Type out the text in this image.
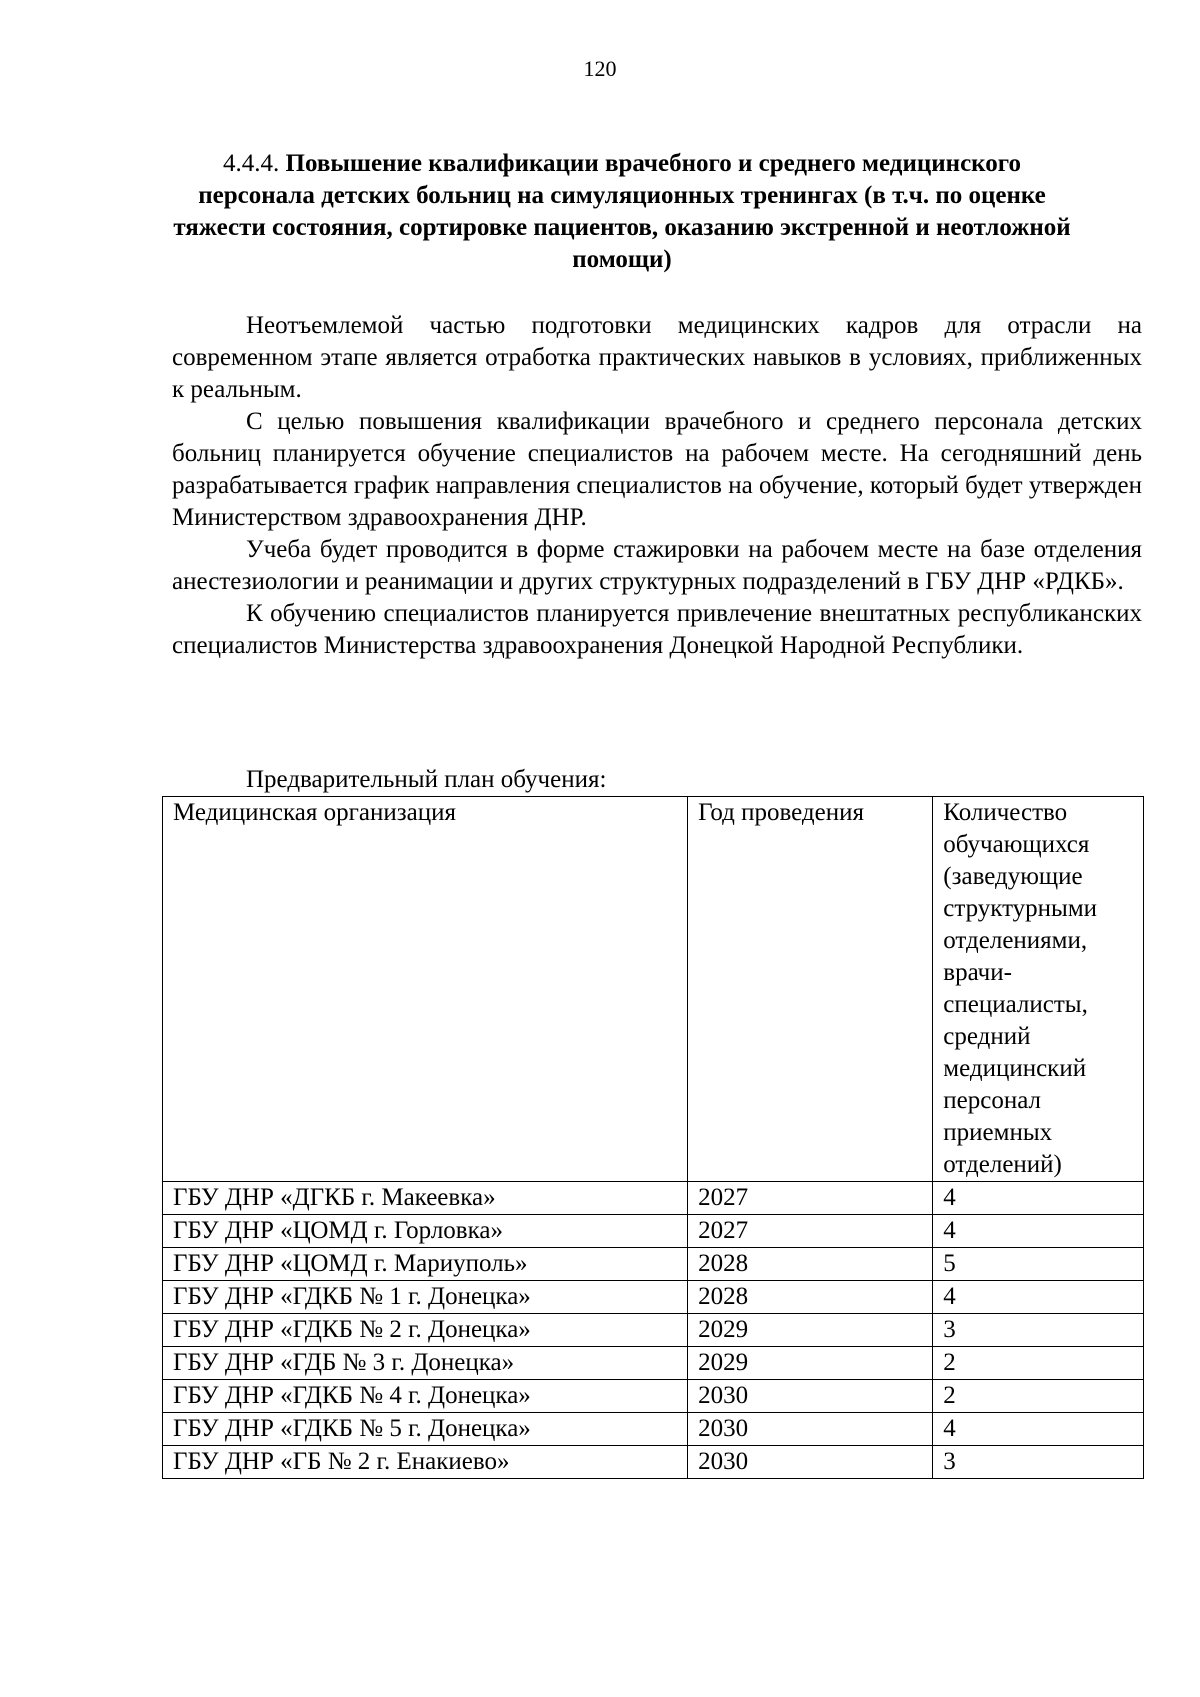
120
4.4.4. Повышение квалификации врачебного и среднего медицинского персонала детских больниц на симуляционных тренингах (в т.ч. по оценке тяжести состояния, сортировке пациентов, оказанию экстренной и неотложной помощи)

Неотъемлемой частью подготовки медицинских кадров для отрасли на современном этапе является отработка практических навыков в условиях, приближенных к реальным.

С целью повышения квалификации врачебного и среднего персонала детских больниц планируется обучение специалистов на рабочем месте. На сегодняшний день разрабатывается график направления специалистов на обучение, который будет утвержден Министерством здравоохранения ДНР.

Учеба будет проводится в форме стажировки на рабочем месте на базе отделения анестезиологии и реанимации и других структурных подразделений в ГБУ ДНР «РДКБ».

К обучению специалистов планируется привлечение внештатных республиканских специалистов Министерства здравоохранения Донецкой Народной Республики.

Предварительный план обучения:
Медицинская организация	Год проведения	Количество обучающихся (заведующие структурными отделениями, врачи-специалисты, средний медицинский персонал приемных отделений)
ГБУ ДНР «ДГКБ г. Макеевка»	2027	4
ГБУ ДНР «ЦОМД г. Горловка»	2027	4
ГБУ ДНР «ЦОМД г. Мариуполь»	2028	5
ГБУ ДНР «ГДКБ № 1 г. Донецка»	2028	4
ГБУ ДНР «ГДКБ № 2 г. Донецка»	2029	3
ГБУ ДНР «ГДБ № 3 г. Донецка»	2029	2
ГБУ ДНР «ГДКБ № 4 г. Донецка»	2030	2
ГБУ ДНР «ГДКБ № 5 г. Донецка»	2030	4
ГБУ ДНР «ГБ № 2 г. Енакиево»	2030	3
